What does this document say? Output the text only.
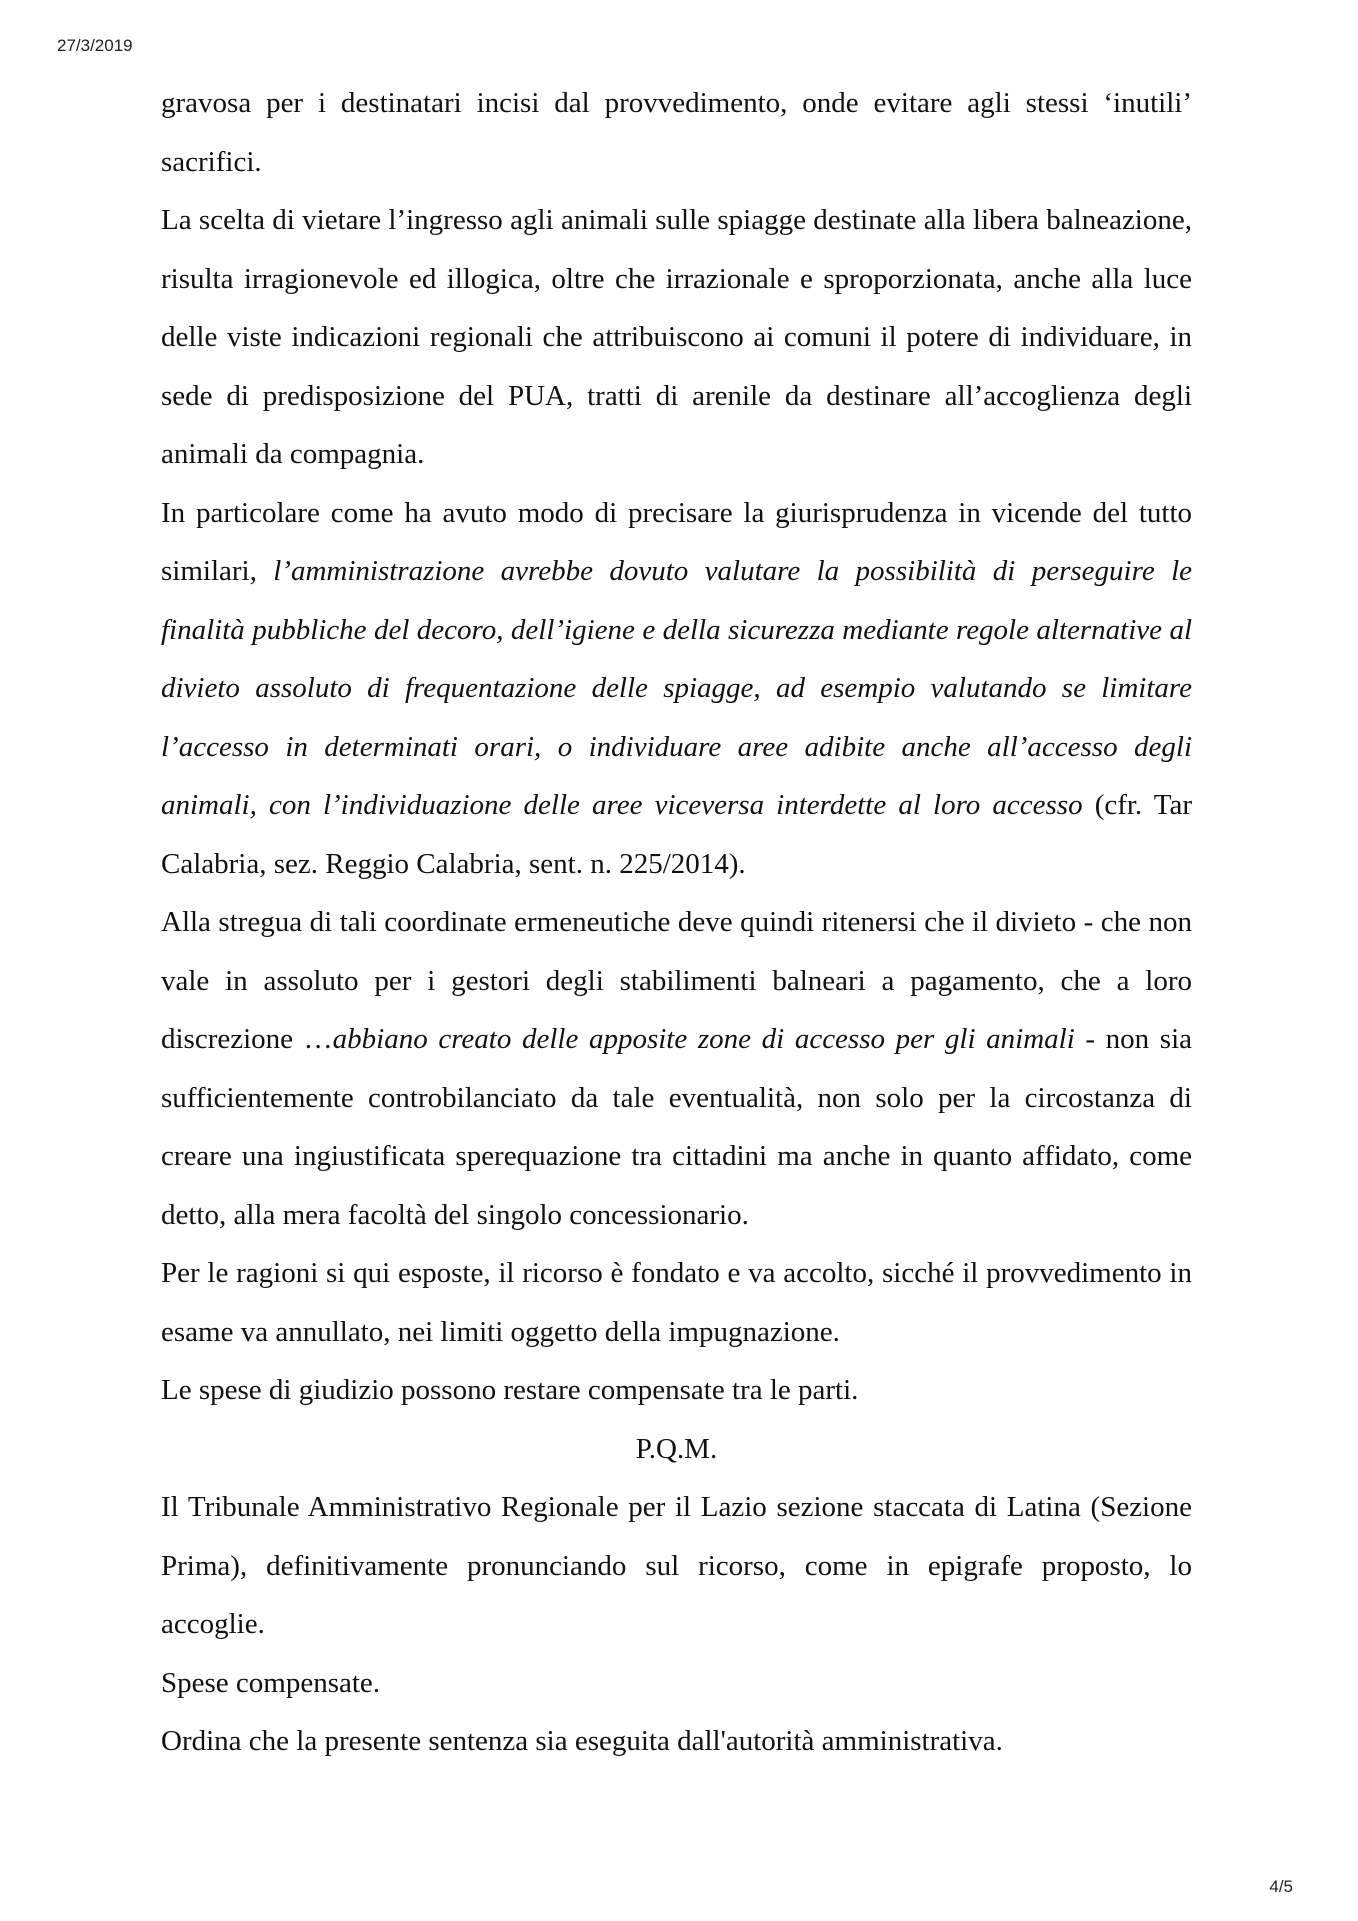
27/3/2019

gravosa per i destinatari incisi dal provvedimento, onde evitare agli stessi ‘inutili’ sacrifici.

La scelta di vietare l’ingresso agli animali sulle spiagge destinate alla libera balneazione, risulta irragionevole ed illogica, oltre che irrazionale e sproporzionata, anche alla luce delle viste indicazioni regionali che attribuiscono ai comuni il potere di individuare, in sede di predisposizione del PUA, tratti di arenile da destinare all’accoglienza degli animali da compagnia.

In particolare come ha avuto modo di precisare la giurisprudenza in vicende del tutto similari, l’amministrazione avrebbe dovuto valutare la possibilità di perseguire le finalità pubbliche del decoro, dell’igiene e della sicurezza mediante regole alternative al divieto assoluto di frequentazione delle spiagge, ad esempio valutando se limitare l’accesso in determinati orari, o individuare aree adibite anche all’accesso degli animali, con l’individuazione delle aree viceversa interdette al loro accesso (cfr. Tar Calabria, sez. Reggio Calabria, sent. n. 225/2014).

Alla stregua di tali coordinate ermeneutiche deve quindi ritenersi che il divieto - che non vale in assoluto per i gestori degli stabilimenti balneari a pagamento, che a loro discrezione …abbiano creato delle apposite zone di accesso per gli animali - non sia sufficientemente controbilanciato da tale eventualità, non solo per la circostanza di creare una ingiustificata sperequazione tra cittadini ma anche in quanto affidato, come detto, alla mera facoltà del singolo concessionario.

Per le ragioni si qui esposte, il ricorso è fondato e va accolto, sicché il provvedimento in esame va annullato, nei limiti oggetto della impugnazione.

Le spese di giudizio possono restare compensate tra le parti.

P.Q.M.

Il Tribunale Amministrativo Regionale per il Lazio sezione staccata di Latina (Sezione Prima), definitivamente pronunciando sul ricorso, come in epigrafe proposto, lo accoglie.

Spese compensate.

Ordina che la presente sentenza sia eseguita dall'autorità amministrativa.

4/5
